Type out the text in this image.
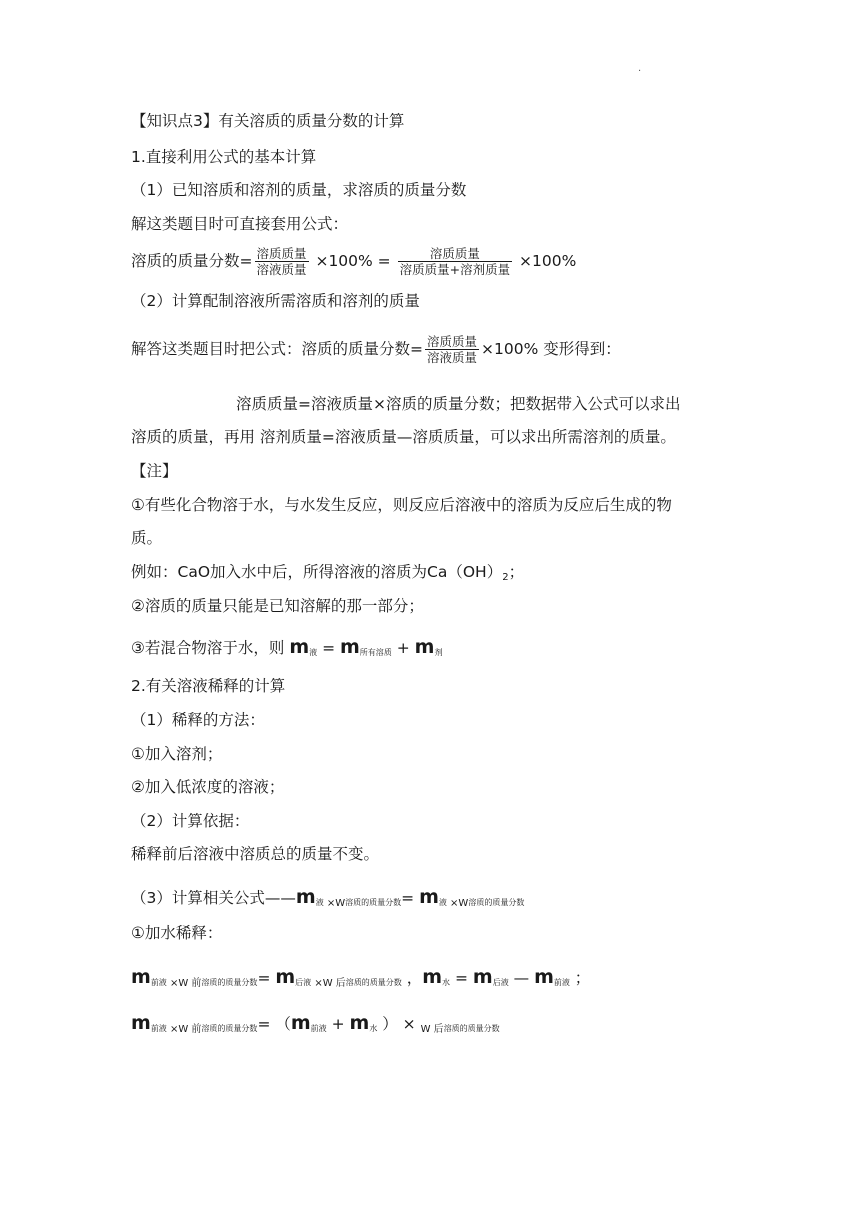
·
【知识点3】有关溶质的质量分数的计算
1.直接利用公式的基本计算
（1）已知溶质和溶剂的质量，求溶质的质量分数
解这类题目时可直接套用公式：
溶质的质量分数= $\frac{\text{溶质质量}}{\text{溶液质量}} \times 100\% = \frac{\text{溶质质量}}{\text{溶质质量+溶剂质量}} \times 100\%$
（2）计算配制溶液所需溶质和溶剂的质量
解答这类题目时把公式：溶质的质量分数= $\frac{\text{溶质质量}}{\text{溶液质量}} \times 100\%$ 变形得到：
溶质质量=溶液质量×溶质的质量分数；把数据带入公式可以求出
溶质的质量，再用 溶剂质量=溶液质量—溶质质量，可以求出所需溶剂的质量。
【注】
①有些化合物溶于水，与水发生反应，则反应后溶液中的溶质为反应后生成的物
质。
例如：CaO加入水中后，所得溶液的溶质为Ca（OH）2；
②溶质的质量只能是已知溶解的那一部分；
③若混合物溶于水，则 $m_液 = m_{所有溶质} + m_剂$
2.有关溶液稀释的计算
（1）稀释的方法：
①加入溶剂；
②加入低浓度的溶液；
（2）计算依据：
稀释前后溶液中溶质总的质量不变。
（3）计算相关公式$——m_液 \times W_{溶质的质量分数}= m_液 \times W_{溶质的质量分数}$
①加水稀释：
$m_{前液} \times W$ 前$_{溶质的质量分数}= m_{后液} \times W$ 后$_{溶质的质量分数}$ ，$m_水 = m_{后液}$ — $m_{前液}$ ；
$m_{前液} \times W$ 前$_{溶质的质量分数}= (m_{前液} + m_水$ ） × W 后$_{溶质的质量分数}$
